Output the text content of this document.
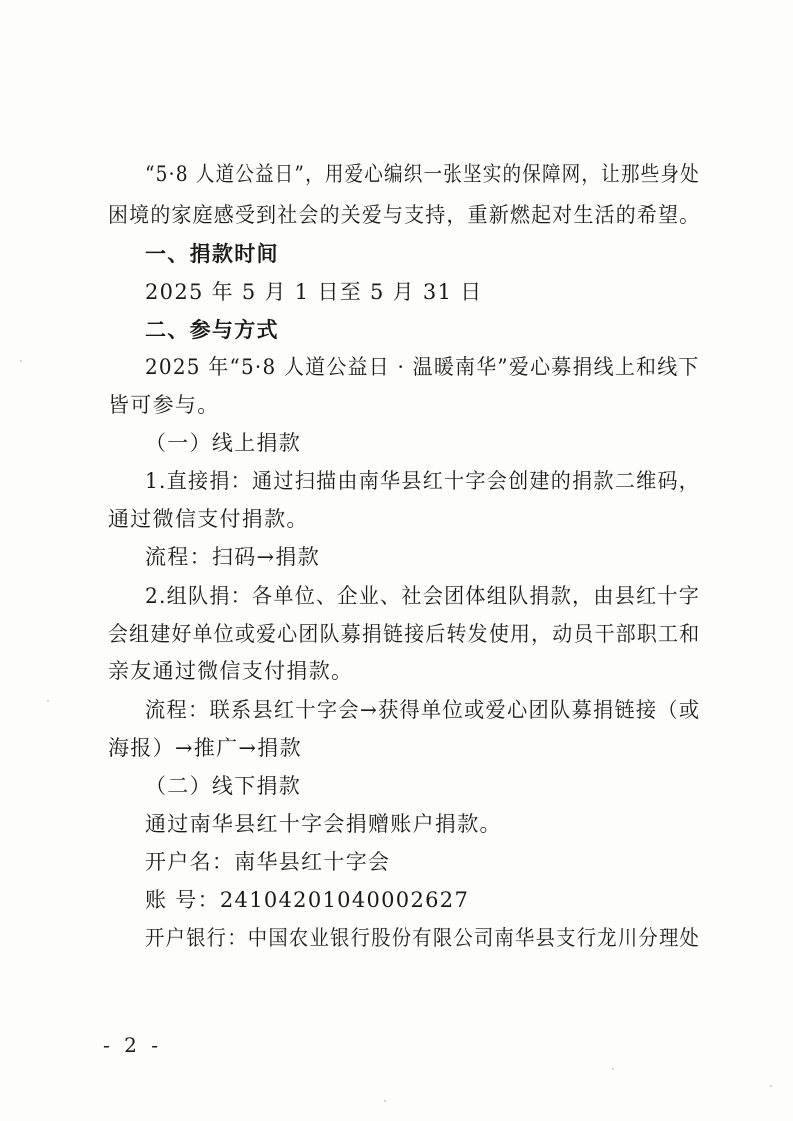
“5·8 人道公益日”，用爱心编织一张坚实的保障网，让那些身处
困境的家庭感受到社会的关爱与支持，重新燃起对生活的希望。
一、捐款时间
2025 年 5 月 1 日至 5 月 31 日
二、参与方式
2025 年“5·8 人道公益日 · 温暖南华”爱心募捐线上和线下
皆可参与。
（一）线上捐款
1.直接捐：通过扫描由南华县红十字会创建的捐款二维码，
通过微信支付捐款。
流程：扫码→捐款
2.组队捐：各单位、企业、社会团体组队捐款，由县红十字
会组建好单位或爱心团队募捐链接后转发使用，动员干部职工和
亲友通过微信支付捐款。
流程：联系县红十字会→获得单位或爱心团队募捐链接（或
海报）→推广→捐款
（二）线下捐款
通过南华县红十字会捐赠账户捐款。
开户名：南华县红十字会
账 号：24104201040002627
开户银行：中国农业银行股份有限公司南华县支行龙川分理处
- 2 -
